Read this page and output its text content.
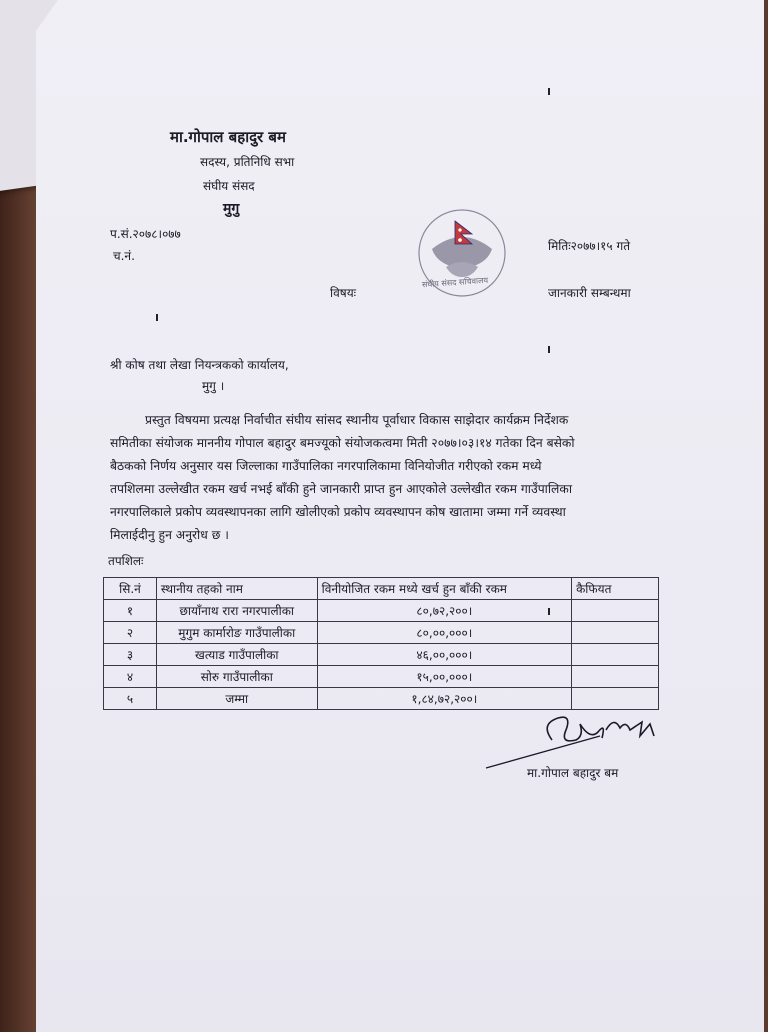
मा.गोपाल बहादुर बम
सदस्य, प्रतिनिधि सभा
संघीय संसद
मुगु
प.सं.२०७८।०७७
च.नं.
मितिः२०७७।१५ गते
संघीय संसद सचिवालय
विषयः	जानकारी सम्बन्धमा
श्री कोष तथा लेखा नियन्त्रकको कार्यालय,
मुगु ।
प्रस्तुत विषयमा प्रत्यक्ष निर्वाचीत संघीय सांसद स्थानीय पूर्वाधार विकास साझेदार कार्यक्रम निर्देशक
समितीका संयोजक माननीय गोपाल बहादुर बमज्यूको संयोजकत्वमा मिती २०७७।०३।१४ गतेका दिन बसेको
बैठकको निर्णय अनुसार यस जिल्लाका गाउँपालिका नगरपालिकामा विनियोजीत गरीएको रकम मध्ये
तपशिलमा उल्लेखीत रकम खर्च नभई बाँकी हुने जानकारी प्राप्त हुन आएकोले उल्लेखीत रकम गाउँपालिका
नगरपालिकाले प्रकोप व्यवस्थापनका लागि खोलीएको प्रकोप व्यवस्थापन कोष खातामा जम्मा गर्ने व्यवस्था
मिलाईदीनु हुन अनुरोध छ ।
तपशिलः
सि.नं	स्थानीय तहको नाम	विनीयोजित रकम मध्ये खर्च हुन बाँकी रकम	कैफियत
१	छायाँनाथ रारा नगरपालीका	८०,७२,२००।	
२	मुगुम कार्मारोङ गाउँपालीका	८०,००,०००।	
३	खत्याड गाउँपालीका	४६,००,०००।	
४	सोरु गाउँपालीका	१५,००,०००।	
५	जम्मा	१,८४,७२,२००।	
मा.गोपाल बहादुर बम
